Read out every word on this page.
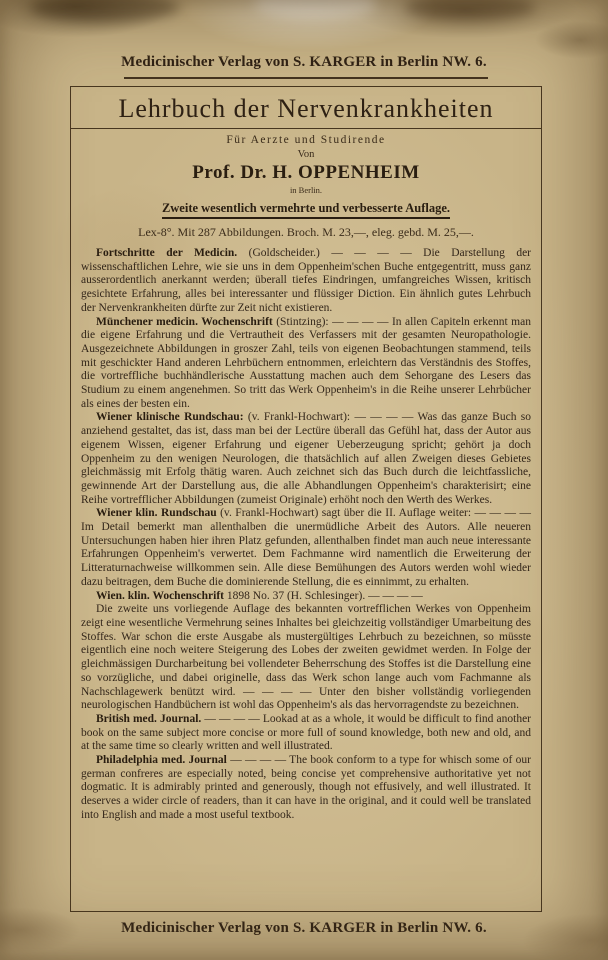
Medicinischer Verlag von S. KARGER in Berlin NW. 6.
Lehrbuch der Nervenkrankheiten
Für Aerzte und Studirende
Von
Prof. Dr. H. OPPENHEIM
in Berlin.
Zweite wesentlich vermehrte und verbesserte Auflage.
Lex-8°. Mit 287 Abbildungen. Broch. M. 23,—, eleg. gebd. M. 25,—.

Fortschritte der Medicin. (Goldscheider.) — — — — Die Darstellung der wissenschaftlichen Lehre, wie sie uns in dem Oppenheim'schen Buche entgegentritt, muss ganz ausserordentlich anerkannt werden; überall tiefes Eindringen, umfangreiches Wissen, kritisch gesichtete Erfahrung, alles bei interessanter und flüssiger Diction. Ein ähnlich gutes Lehrbuch der Nervenkrankheiten dürfte zur Zeit nicht existieren.

Münchener medicin. Wochenschrift (Stintzing): — — — — In allen Capiteln erkennt man die eigene Erfahrung und die Vertrautheit des Verfassers mit der gesamten Neuropathologie. Ausgezeichnete Abbildungen in groszer Zahl, teils von eigenen Beobachtungen stammend, teils mit geschickter Hand anderen Lehrbüchern entnommen, erleichtern das Verständnis des Stoffes, die vortreffliche buchhändlerische Ausstattung machen auch dem Sehorgane des Lesers das Studium zu einem angenehmen. So tritt das Werk Oppenheim's in die Reihe unserer Lehrbücher als eines der besten ein.

Wiener klinische Rundschau: (v. Frankl-Hochwart): — — — — Was das ganze Buch so anziehend gestaltet, das ist, dass man bei der Lectüre überall das Gefühl hat, dass der Autor aus eigenem Wissen, eigener Erfahrung und eigener Ueberzeugung spricht; gehört ja doch Oppenheim zu den wenigen Neurologen, die thatsächlich auf allen Zweigen dieses Gebietes gleichmässig mit Erfolg thätig waren. Auch zeichnet sich das Buch durch die leichtfassliche, gewinnende Art der Darstellung aus, die alle Abhandlungen Oppenheim's charakterisirt; eine Reihe vortrefflicher Abbildungen (zumeist Originale) erhöht noch den Werth des Werkes.

Wiener klin. Rundschau (v. Frankl-Hochwart) sagt über die II. Auflage weiter: — — — — Im Detail bemerkt man allenthalben die unermüdliche Arbeit des Autors. Alle neueren Untersuchungen haben hier ihren Platz gefunden, allenthalben findet man auch neue interessante Erfahrungen Oppenheim's verwertet. Dem Fachmanne wird namentlich die Erweiterung der Litteraturnachweise willkommen sein. Alle diese Bemühungen des Autors werden wohl wieder dazu beitragen, dem Buche die dominierende Stellung, die es einnimmt, zu erhalten.

Wien. klin. Wochenschrift 1898 No. 37 (H. Schlesinger). — — — —

Die zweite uns vorliegende Auflage des bekannten vortrefflichen Werkes von Oppenheim zeigt eine wesentliche Vermehrung seines Inhaltes bei gleichzeitig vollständiger Umarbeitung des Stoffes. War schon die erste Ausgabe als mustergültiges Lehrbuch zu bezeichnen, so müsste eigentlich eine noch weitere Steigerung des Lobes der zweiten gewidmet werden. In Folge der gleichmässigen Durcharbeitung bei vollendeter Beherrschung des Stoffes ist die Darstellung eine so vorzügliche, und dabei originelle, dass das Werk schon lange auch vom Fachmanne als Nachschlagewerk benützt wird. — — — — Unter den bisher vollständig vorliegenden neurologischen Handbüchern ist wohl das Oppenheim's als das hervorragendste zu bezeichnen.

British med. Journal. — — — — Lookad at as a whole, it would be difficult to find another book on the same subject more concise or more full of sound knowledge, both new and old, and at the same time so clearly written and well illustrated.

Philadelphia med. Journal — — — — The book conform to a type for whisch some of our german confreres are especially noted, being concise yet comprehensive authoritative yet not dogmatic. It is admirably printed and generously, though not effusively, and well illustrated. It deserves a wider circle of readers, than it can have in the original, and it could well be translated into English and made a most useful textbook.

Medicinischer Verlag von S. KARGER in Berlin NW. 6.
